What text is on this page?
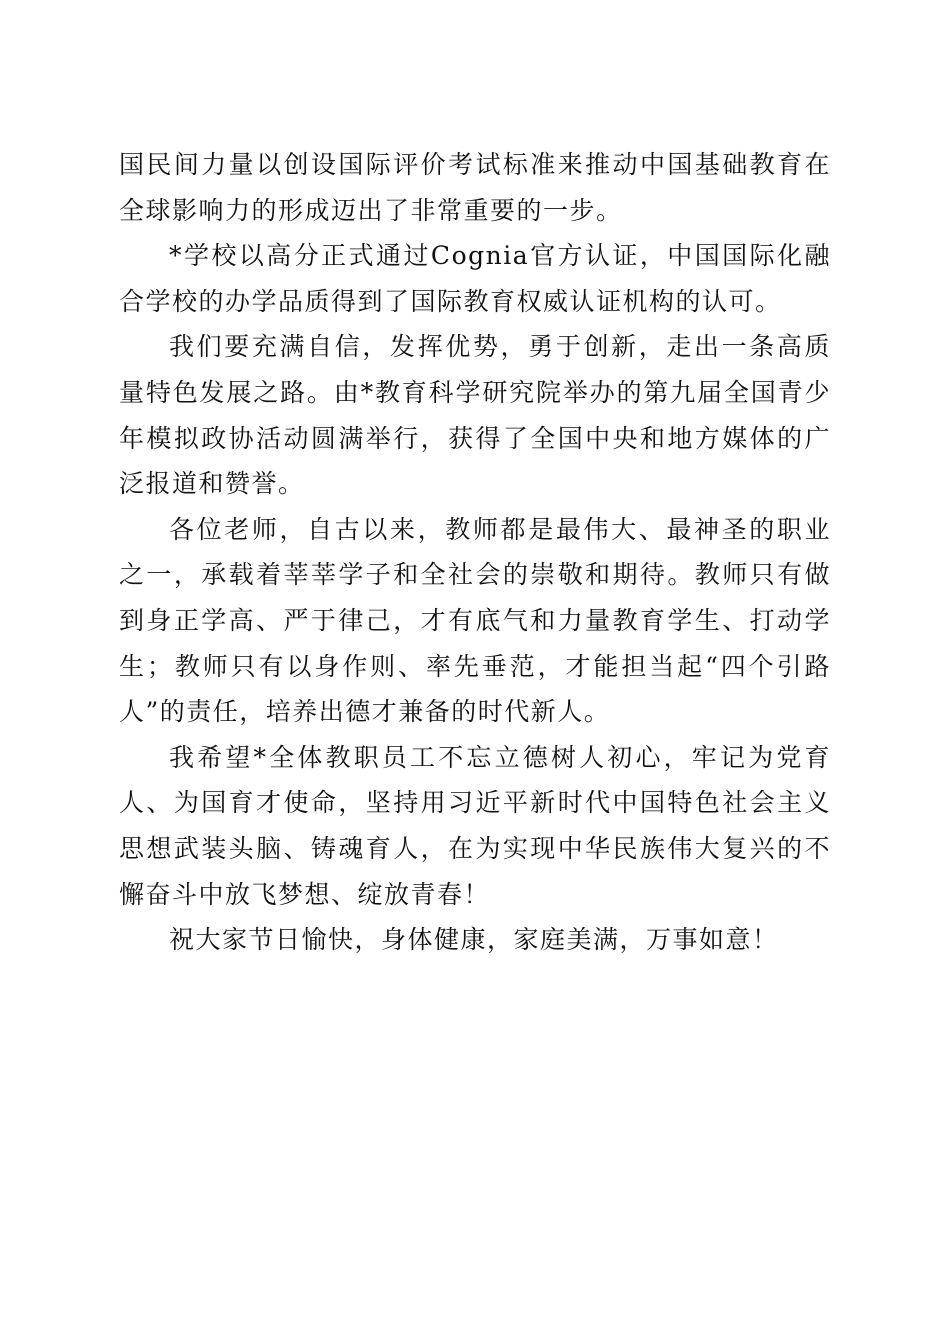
国民间力量以创设国际评价考试标准来推动中国基础教育在全球影响力的形成迈出了非常重要的一步。

*学校以高分正式通过Cognia官方认证，中国国际化融合学校的办学品质得到了国际教育权威认证机构的认可。

我们要充满自信，发挥优势，勇于创新，走出一条高质量特色发展之路。由*教育科学研究院举办的第九届全国青少年模拟政协活动圆满举行，获得了全国中央和地方媒体的广泛报道和赞誉。

各位老师，自古以来，教师都是最伟大、最神圣的职业之一，承载着莘莘学子和全社会的崇敬和期待。教师只有做到身正学高、严于律己，才有底气和力量教育学生、打动学生；教师只有以身作则、率先垂范，才能担当起“四个引路人”的责任，培养出德才兼备的时代新人。

我希望*全体教职员工不忘立德树人初心，牢记为党育人、为国育才使命，坚持用习近平新时代中国特色社会主义思想武装头脑、铸魂育人，在为实现中华民族伟大复兴的不懈奋斗中放飞梦想、绽放青春！

祝大家节日愉快，身体健康，家庭美满，万事如意！
